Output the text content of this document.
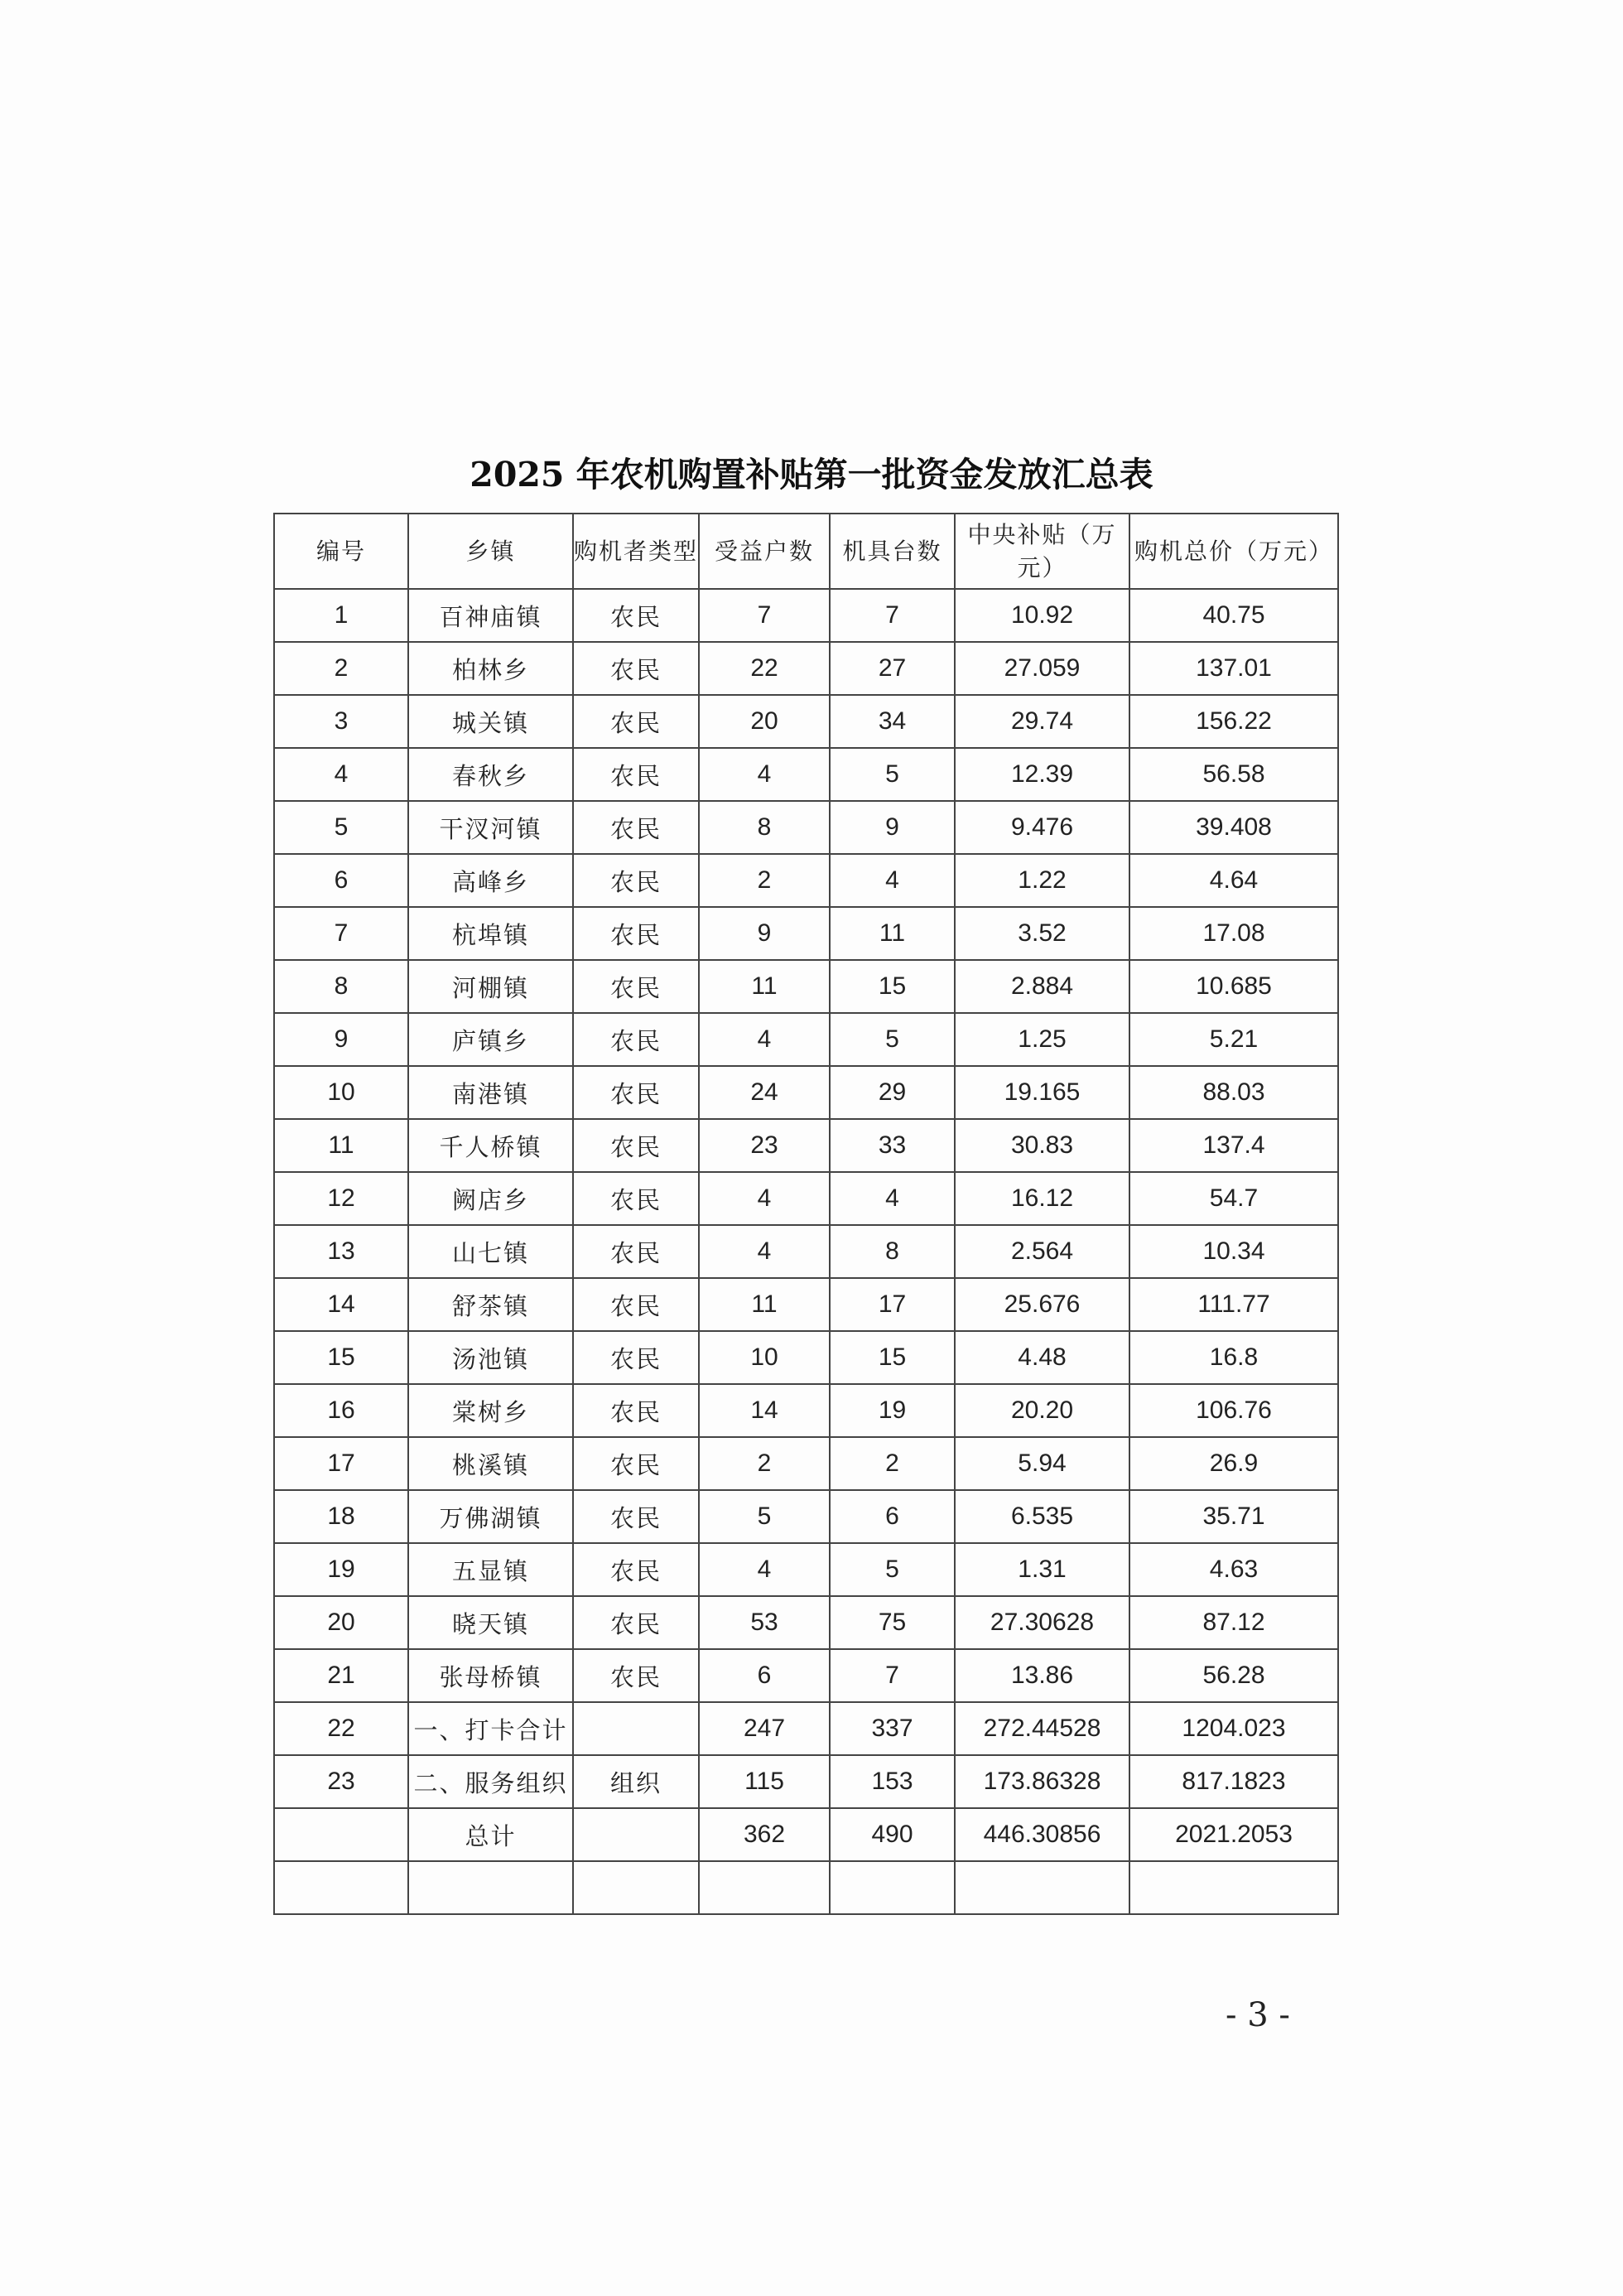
2025 年农机购置补贴第一批资金发放汇总表
编号	乡镇	购机者类型	受益户数	机具台数	中央补贴（万元）	购机总价（万元）
1	百神庙镇	农民	7	7	10.92	40.75
2	柏林乡	农民	22	27	27.059	137.01
3	城关镇	农民	20	34	29.74	156.22
4	春秋乡	农民	4	5	12.39	56.58
5	干汊河镇	农民	8	9	9.476	39.408
6	高峰乡	农民	2	4	1.22	4.64
7	杭埠镇	农民	9	11	3.52	17.08
8	河棚镇	农民	11	15	2.884	10.685
9	庐镇乡	农民	4	5	1.25	5.21
10	南港镇	农民	24	29	19.165	88.03
11	千人桥镇	农民	23	33	30.83	137.4
12	阙店乡	农民	4	4	16.12	54.7
13	山七镇	农民	4	8	2.564	10.34
14	舒茶镇	农民	11	17	25.676	111.77
15	汤池镇	农民	10	15	4.48	16.8
16	棠树乡	农民	14	19	20.20	106.76
17	桃溪镇	农民	2	2	5.94	26.9
18	万佛湖镇	农民	5	6	6.535	35.71
19	五显镇	农民	4	5	1.31	4.63
20	晓天镇	农民	53	75	27.30628	87.12
21	张母桥镇	农民	6	7	13.86	56.28
22	一、打卡合计		247	337	272.44528	1204.023
23	二、服务组织	组织	115	153	173.86328	817.1823
	总计		362	490	446.30856	2021.2053

- 3 -
